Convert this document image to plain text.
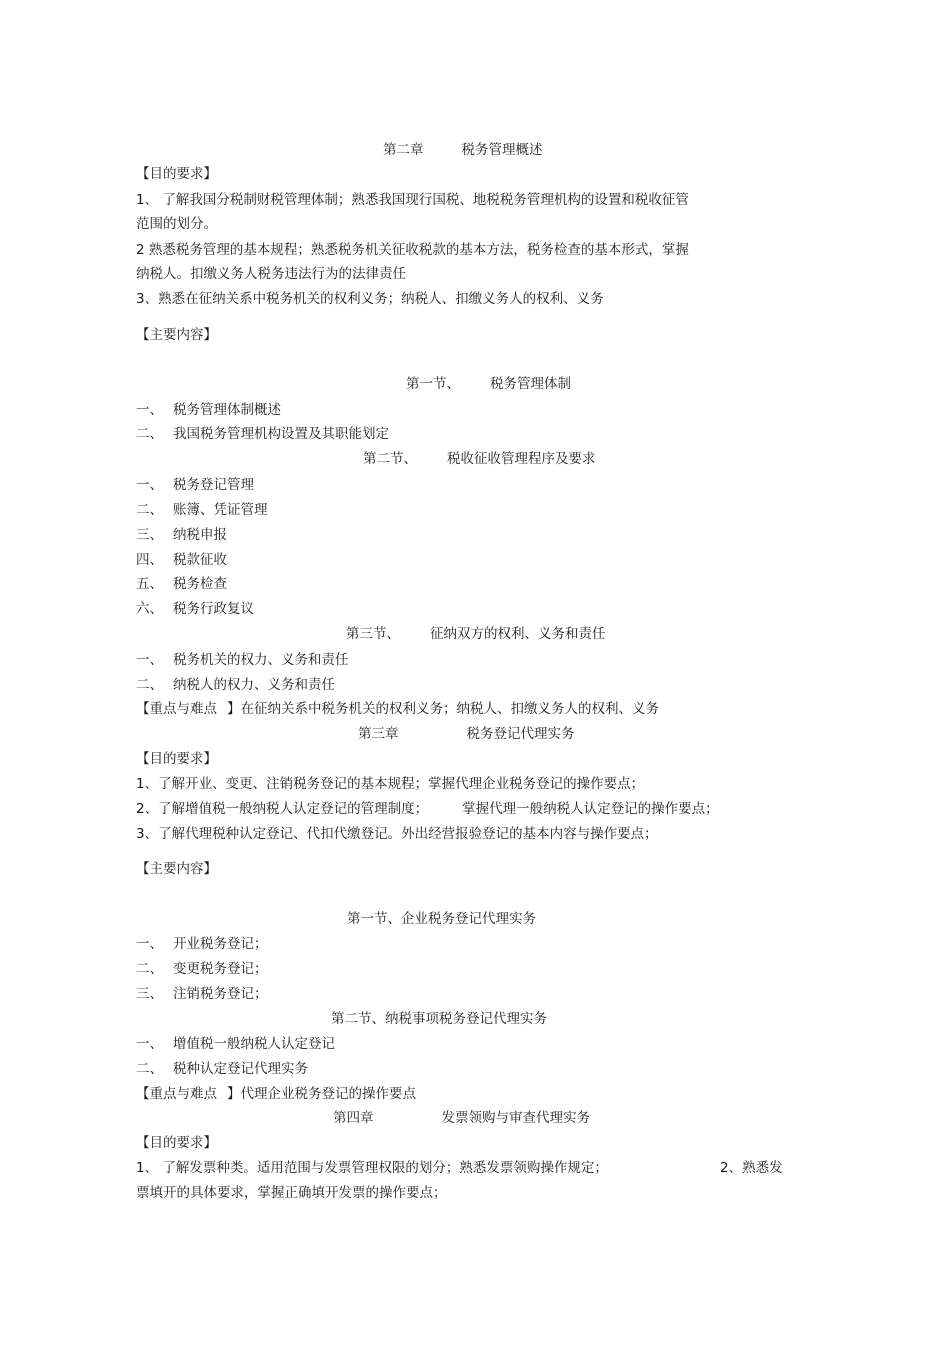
第二章	税务管理概述
【目的要求】
1、 了解我国分税制财税管理体制；熟悉我国现行国税、地税税务管理机构的设置和税收征管
范围的划分。
2 熟悉税务管理的基本规程；熟悉税务机关征收税款的基本方法，税务检查的基本形式，掌握
纳税人。扣缴义务人税务违法行为的法律责任
3、熟悉在征纳关系中税务机关的权利义务；纳税人、扣缴义务人的权利、义务
【主要内容】
第一节、 税务管理体制
一、 税务管理体制概述
二、 我国税务管理机构设置及其职能划定
第二节、 税收征收管理程序及要求
一、 税务登记管理
二、 账簿、凭证管理
三、 纳税申报
四、 税款征收
五、 税务检查
六、 税务行政复议
第三节、 征纳双方的权利、义务和责任
一、 税务机关的权力、义务和责任
二、 纳税人的权力、义务和责任
【重点与难点 】在征纳关系中税务机关的权利义务；纳税人、扣缴义务人的权利、义务
第三章	税务登记代理实务
【目的要求】
1、了解开业、变更、注销税务登记的基本规程；掌握代理企业税务登记的操作要点；
2、了解增值税一般纳税人认定登记的管理制度；	掌握代理一般纳税人认定登记的操作要点；
3、了解代理税种认定登记、代扣代缴登记。外出经营报验登记的基本内容与操作要点；
【主要内容】
第一节、企业税务登记代理实务
一、 开业税务登记；
二、 变更税务登记；
三、 注销税务登记；
第二节、纳税事项税务登记代理实务
一、 增值税一般纳税人认定登记
二、 税种认定登记代理实务
【重点与难点 】代理企业税务登记的操作要点
第四章	发票领购与审查代理实务
【目的要求】
1、 了解发票种类。适用范围与发票管理权限的划分；熟悉发票领购操作规定；	2、熟悉发
票填开的具体要求，掌握正确填开发票的操作要点；
